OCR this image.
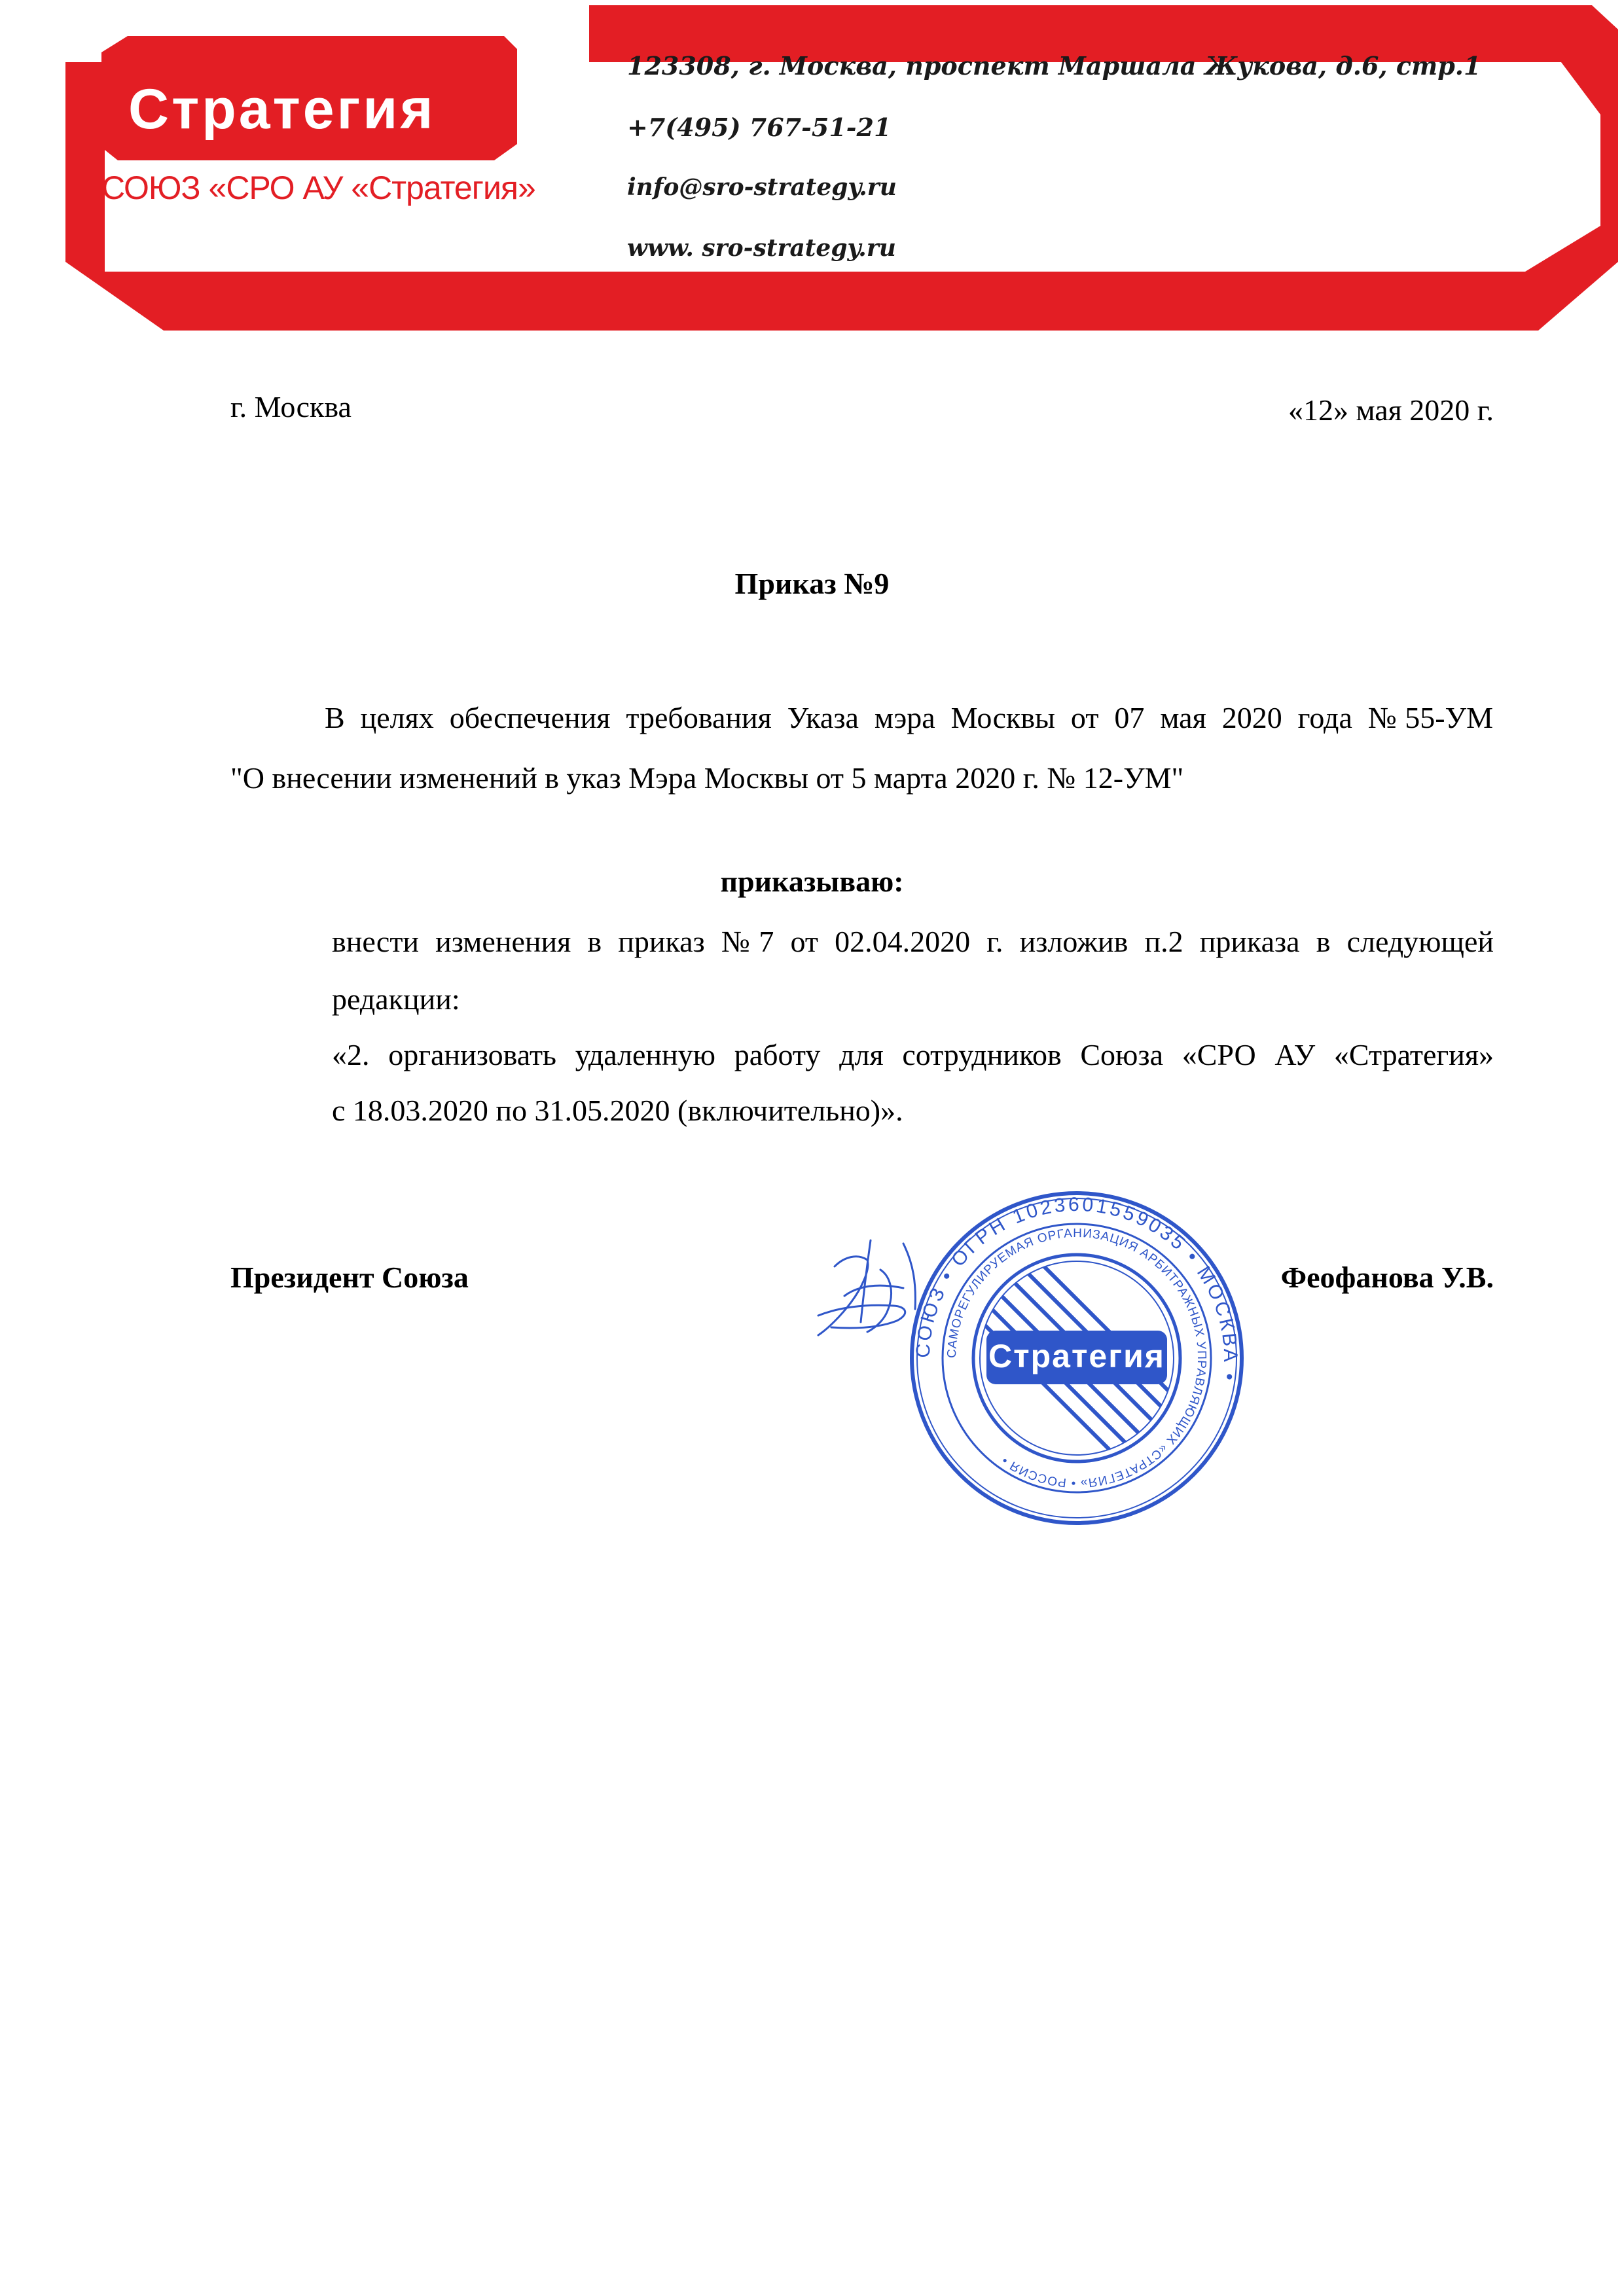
Стратегия
СОЮЗ «СРО АУ «Стратегия»
123308, г. Москва, проспект Маршала Жукова, д.6, стр.1
+7(495) 767-51-21
info@sro-strategy.ru
www. sro-strategy.ru
г. Москва	«12» мая 2020 г.
Приказ №9
В целях обеспечения требования Указа мэра Москвы от 07 мая 2020 года №55-УМ
"О внесении изменений в указ Мэра Москвы от 5 марта 2020 г. № 12-УМ"
приказываю:
внести изменения в приказ №7 от 02.04.2020 г. изложив п.2 приказа в следующей
редакции:
«2. организовать удаленную работу для сотрудников Союза «СРО АУ «Стратегия»
с 18.03.2020 по 31.05.2020 (включительно)».
Президент Союза	Феофанова У.В.
Стратегия
СОЮЗ • ОГРН 1023601559035 • МОСКВА •
САМОРЕГУЛИРУЕМАЯ ОРГАНИЗАЦИЯ АРБИТРАЖНЫХ УПРАВЛЯЮЩИХ «СТРАТЕГИЯ» • РОССИЯ •
